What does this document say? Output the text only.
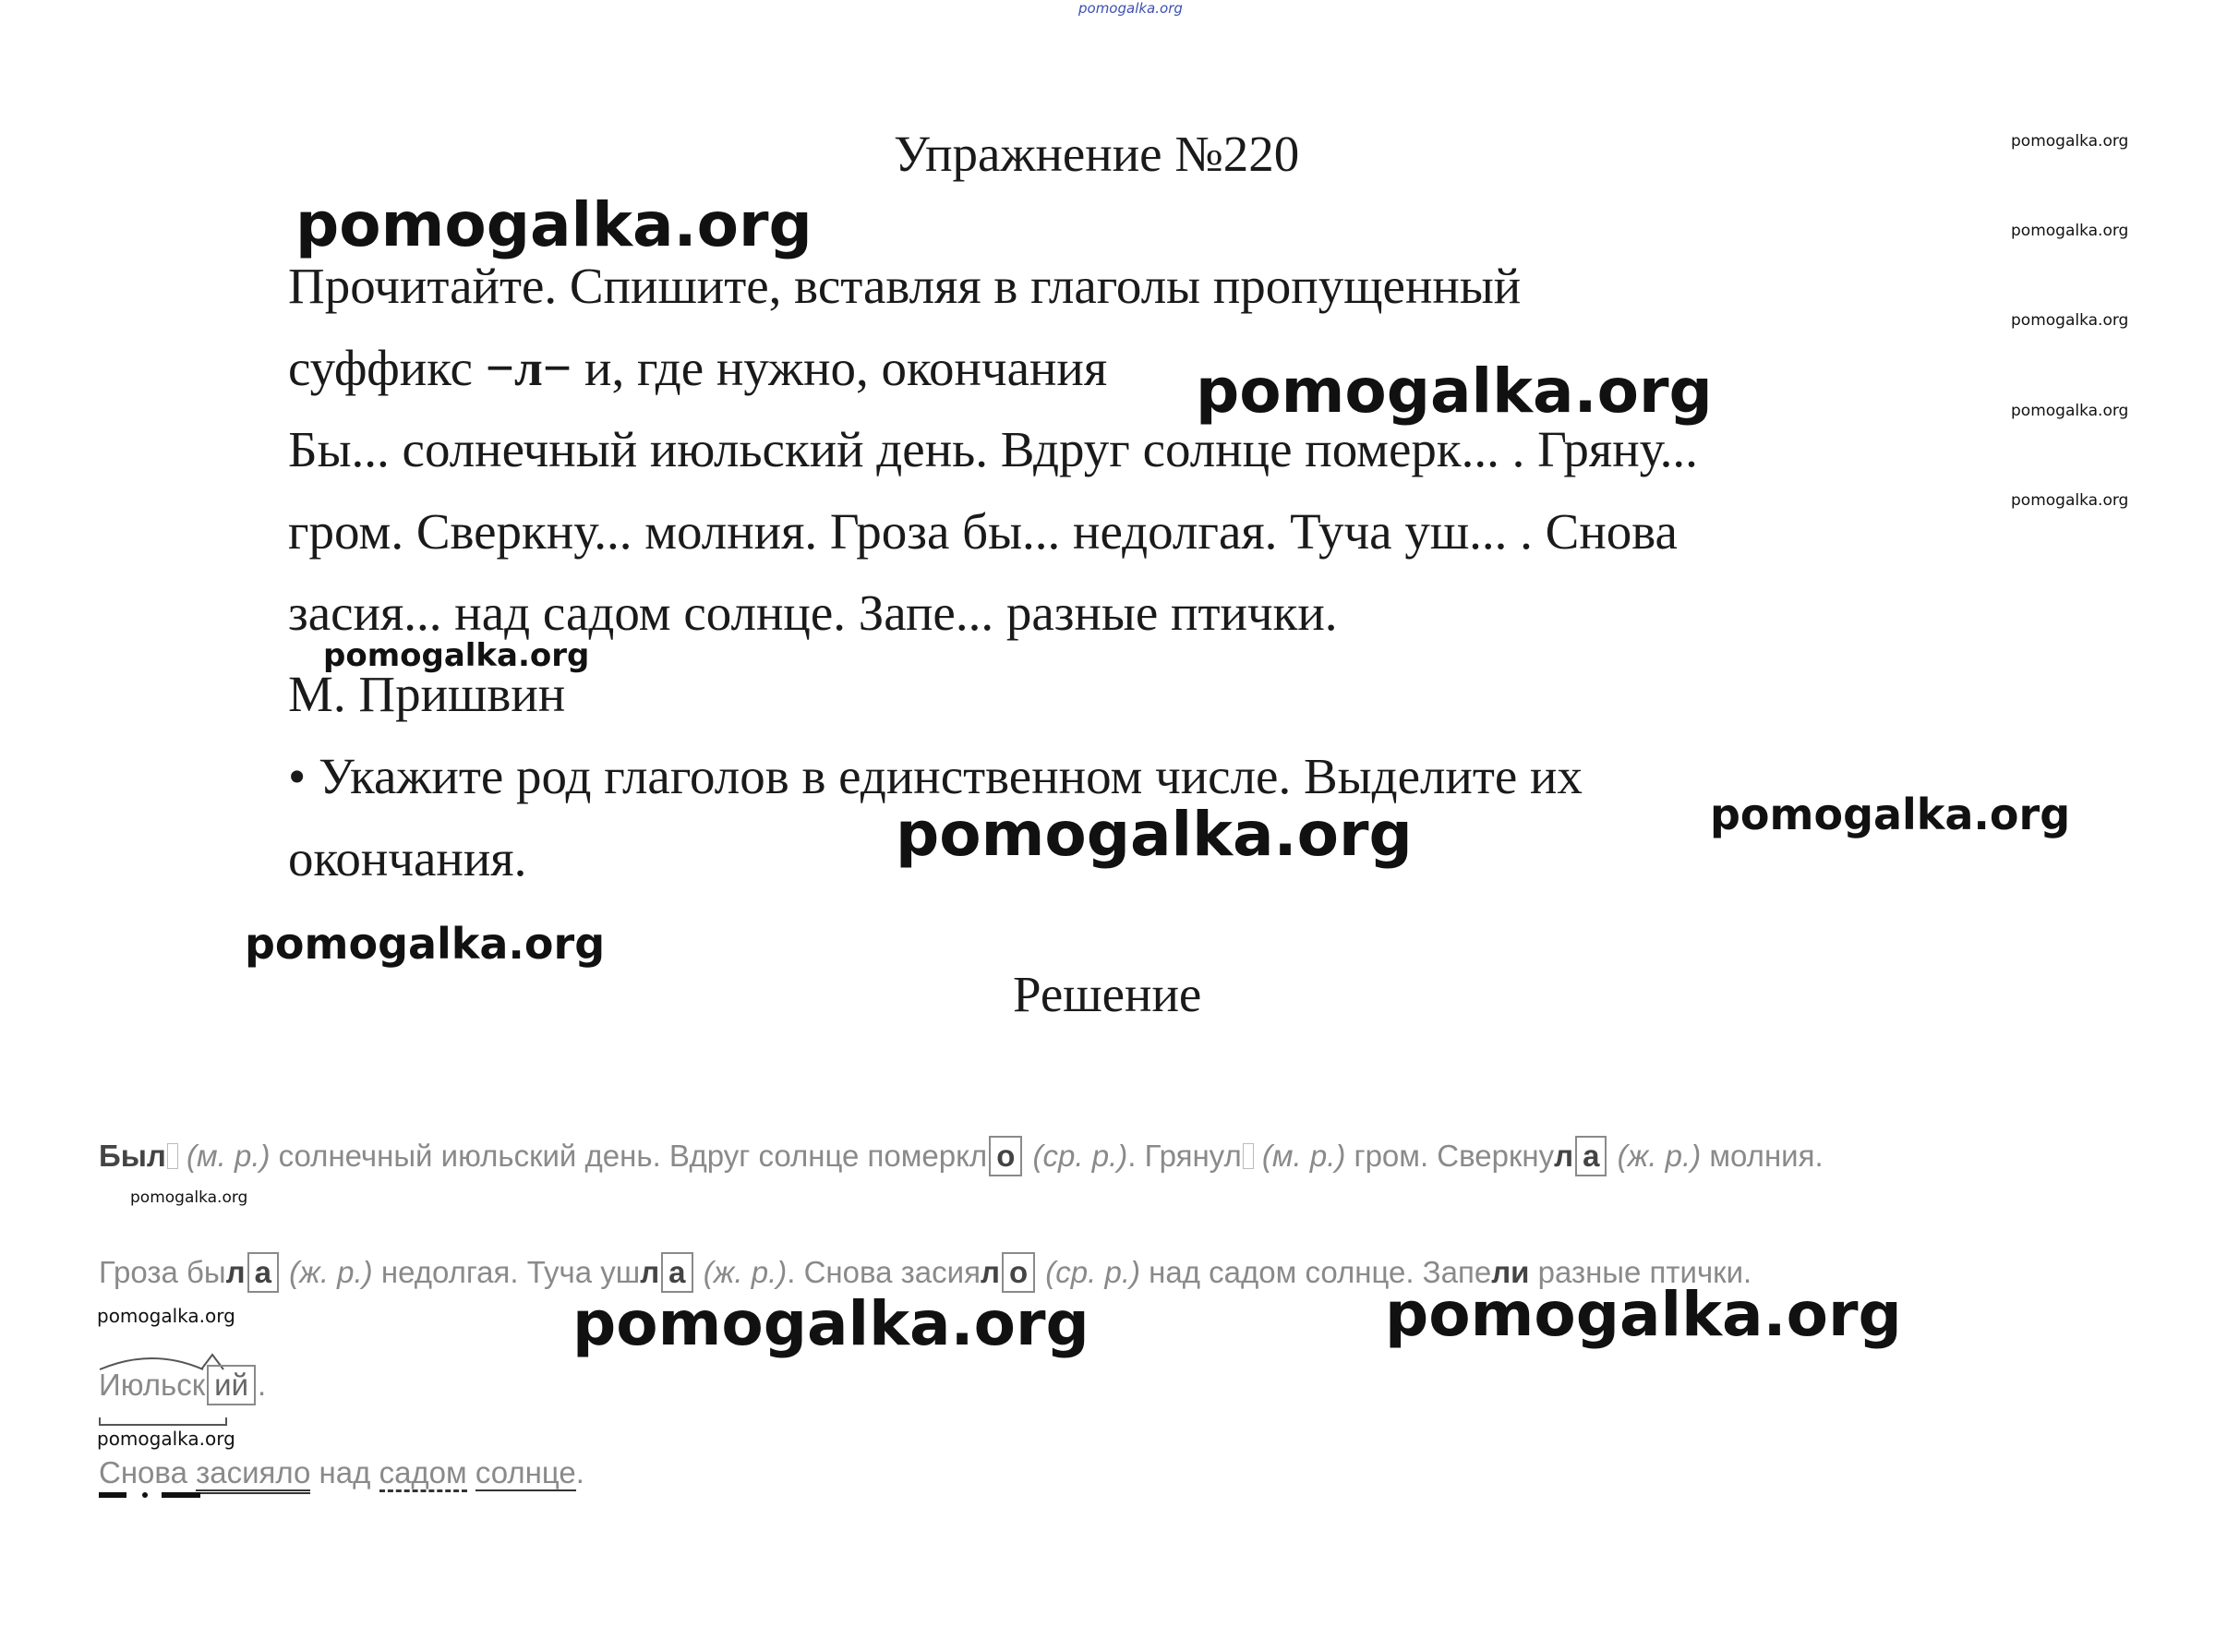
pomogalka.org
pomogalka.org
pomogalka.org
pomogalka.org
pomogalka.org
pomogalka.org
Упражнение №220
pomogalka.org
Прочитайте. Спишите, вставляя в глаголы пропущенный
суффикс −л− и, где нужно, окончания pomogalka.org
Бы... солнечный июльский день. Вдруг солнце померк... . Гряну...
гром. Сверкну... молния. Гроза бы... недолгая. Туча уш... . Снова
засия... над садом солнце. Запе... разные птички.
pomogalka.org
М. Пришвин
• Укажите род глаголов в единственном числе. Выделите их
pomogalka.org	pomogalka.org
окончания.
pomogalka.org
Решение
Был (м. р.) солнечный июльский день. Вдруг солнце померкл о (ср. р.). Грянул (м. р.) гром. Сверкнул а (ж. р.) молния.
pomogalka.org
Гроза был а (ж. р.) недолгая. Туча ушл а (ж. р.). Снова засиял о (ср. р.) над садом солнце. Запели разные птички.
pomogalka.org	pomogalka.org	pomogalka.org
Июльск ий .
pomogalka.org
Снова засияло над садом солнце.
